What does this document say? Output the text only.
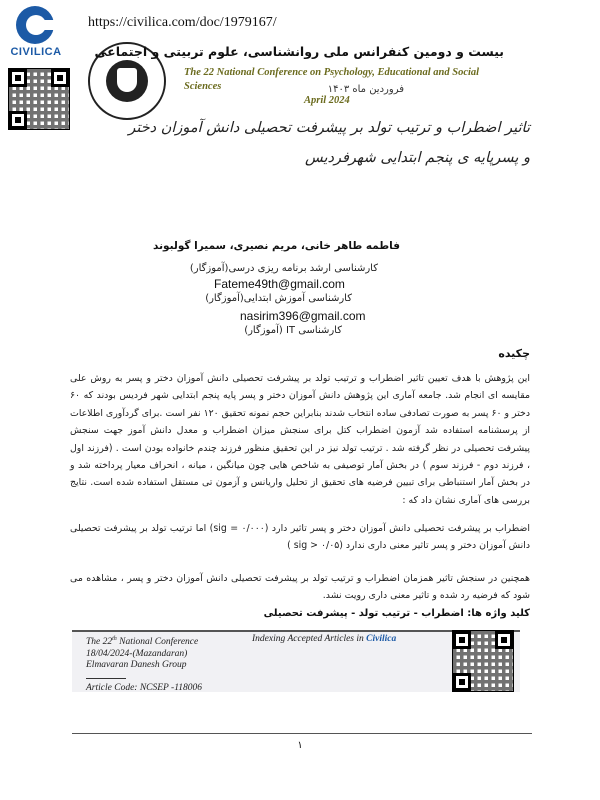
CIVILICA
https://civilica.com/doc/1979167/
بیست و دومین کنفرانس ملی روانشناسی، علوم تربیتی و اجتماعی
The 22 National Conference on Psychology, Educational and Social Sciences
April 2024
فروردین ماه ۱۴۰۳
تاثیر اضطراب و ترتیب تولد بر پیشرفت تحصیلی دانش آموزان دختر
و پسرپایه ی پنجم ابتدایی شهرفردیس
فاطمه طاهر خانی، مریم نصیری، سمیرا گولبوند
کارشناسی ارشد برنامه ریزی درسی(آموزگار)
Fateme49th@gmail.com
کارشناسی آموزش ابتدایی(آموزگار)
nasirim396@gmail.com
کارشناسی IT (آموزگار)
چکیده
این پژوهش با هدف تعیین تاثیر اضطراب و ترتیب تولد بر پیشرفت تحصیلی دانش آموزان دختر و پسر به روش علی مقایسه ای انجام شد. جامعه آماری این پژوهش دانش آموزان دختر و پسر پایه پنجم ابتدایی شهر فردیس بودند که ۶۰ دختر و ۶۰ پسر به صورت تصادفی ساده انتخاب شدند بنابراین حجم نمونه تحقیق ۱۲۰ نفر است .برای گردآوری اطلاعات از پرسشنامه استفاده شد آزمون اضطراب کتل برای سنجش میزان اضطراب و معدل دانش آموز جهت سنجش پیشرفت تحصیلی در نظر گرفته شد . ترتیب تولد نیز در این تحقیق منظور فرزند چندم خانواده بودن است . (فرزند اول ، فرزند دوم - فرزند سوم ) در بخش آمار توصیفی به شاخص هایی چون میانگین ، میانه ، انحراف معیار پرداخته شد و در بخش آمار استنباطی برای تبیین فرضیه های تحقیق از تحلیل واریانس و آزمون تی مستقل استفاده شده است. نتایج بررسی های آماری نشان داد که :
اضطراب بر پیشرفت تحصیلی دانش آموزان دختر و پسر تاثیر دارد (sig = ۰/۰۰۰) اما ترتیب تولد بر پیشرفت تحصیلی دانش آموزان دختر و پسر تاثیر معنی داری ندارد (sig > ۰/۰۵ )
همچنین در سنجش تاثیر همزمان اضطراب و ترتیب تولد بر پیشرفت تحصیلی دانش آموزان دختر و پسر ، مشاهده می شود که فرضیه رد شده و تاثیر معنی داری رویت نشد.
کلید واژه ها: اضطراب - ترتیب تولد - پیشرفت تحصیلی
The 22th National Conference
18/04/2024-(Mazandaran)
Elmavaran Danesh Group

Article Code: NCSEP -118006
Indexing Accepted Articles in Civilica
۱
